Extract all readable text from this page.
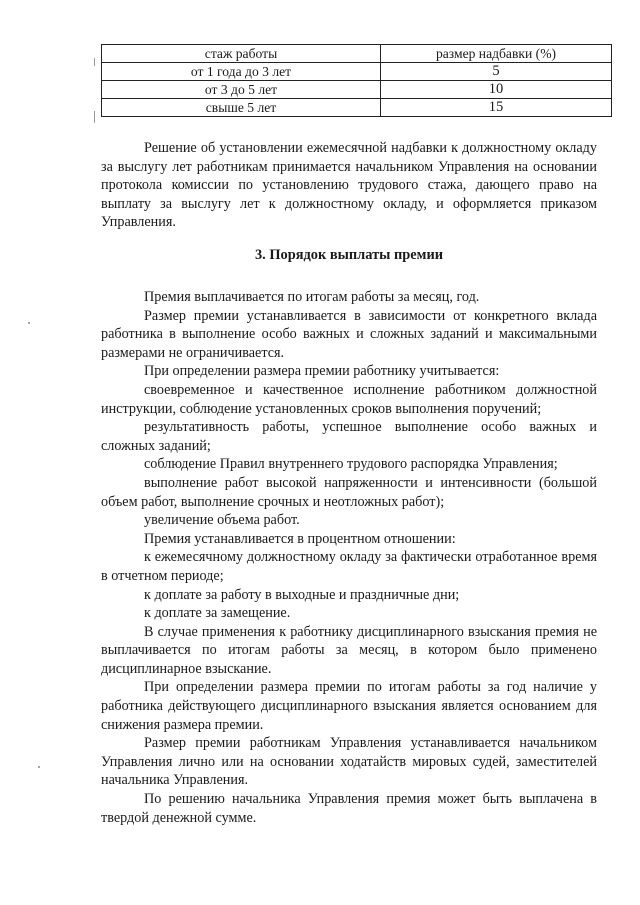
стаж работы	размер надбавки (%)
от 1 года до 3 лет	5
от 3 до 5 лет	10
свыше 5 лет	15

Решение об установлении ежемесячной надбавки к должностному окладу за выслугу лет работникам принимается начальником Управления на основании протокола комиссии по установлению трудового стажа, дающего право на выплату за выслугу лет к должностному окладу, и оформляется приказом Управления.

3. Порядок выплаты премии

Премия выплачивается по итогам работы за месяц, год.

Размер премии устанавливается в зависимости от конкретного вклада работника в выполнение особо важных и сложных заданий и максимальными размерами не ограничивается.

При определении размера премии работнику учитывается:

своевременное и качественное исполнение работником должностной инструкции, соблюдение установленных сроков выполнения поручений;

результативность работы, успешное выполнение особо важных и сложных заданий;

соблюдение Правил внутреннего трудового распорядка Управления;

выполнение работ высокой напряженности и интенсивности (большой объем работ, выполнение срочных и неотложных работ);

увеличение объема работ.

Премия устанавливается в процентном отношении:

к ежемесячному должностному окладу за фактически отработанное время в отчетном периоде;

к доплате за работу в выходные и праздничные дни;

к доплате за замещение.

В случае применения к работнику дисциплинарного взыскания премия не выплачивается по итогам работы за месяц, в котором было применено дисциплинарное взыскание.

При определении размера премии по итогам работы за год наличие у работника действующего дисциплинарного взыскания является основанием для снижения размера премии.

Размер премии работникам Управления устанавливается начальником Управления лично или на основании ходатайств мировых судей, заместителей начальника Управления.

По решению начальника Управления премия может быть выплачена в твердой денежной сумме.
